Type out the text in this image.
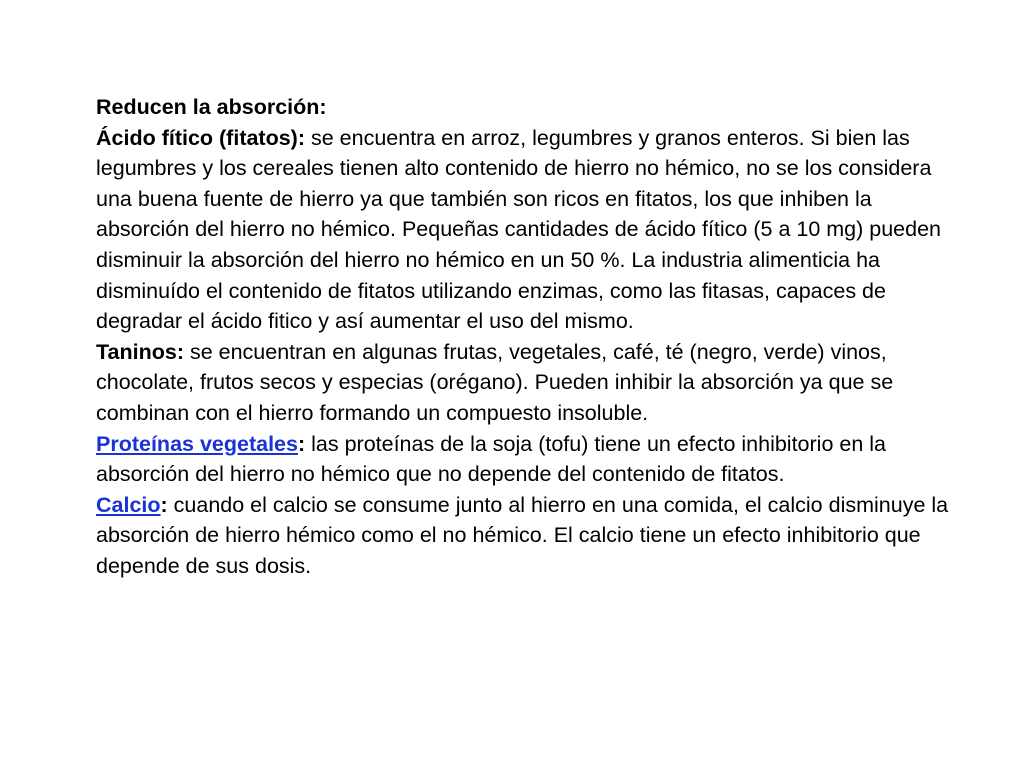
Reducen la absorción:

Ácido fítico (fitatos): se encuentra en arroz, legumbres y granos enteros. Si bien las legumbres y los cereales tienen alto contenido de hierro no hémico, no se los considera una buena fuente de hierro ya que también son ricos en fitatos, los que inhiben la absorción del hierro no hémico. Pequeñas cantidades de ácido fítico (5 a 10 mg) pueden disminuir la absorción del hierro no hémico en un 50 %. La industria alimenticia ha disminuído el contenido de fitatos utilizando enzimas, como las fitasas, capaces de degradar el ácido fitico y así aumentar el uso del mismo.

Taninos: se encuentran en algunas frutas, vegetales, café, té (negro, verde) vinos, chocolate, frutos secos y especias (orégano). Pueden inhibir la absorción ya que se combinan con el hierro formando un compuesto insoluble.

Proteínas vegetales: las proteínas de la soja (tofu) tiene un efecto inhibitorio en la absorción del hierro no hémico que no depende del contenido de fitatos.

Calcio: cuando el calcio se consume junto al hierro en una comida, el calcio disminuye la absorción de hierro hémico como el no hémico. El calcio tiene un efecto inhibitorio que depende de sus dosis.
